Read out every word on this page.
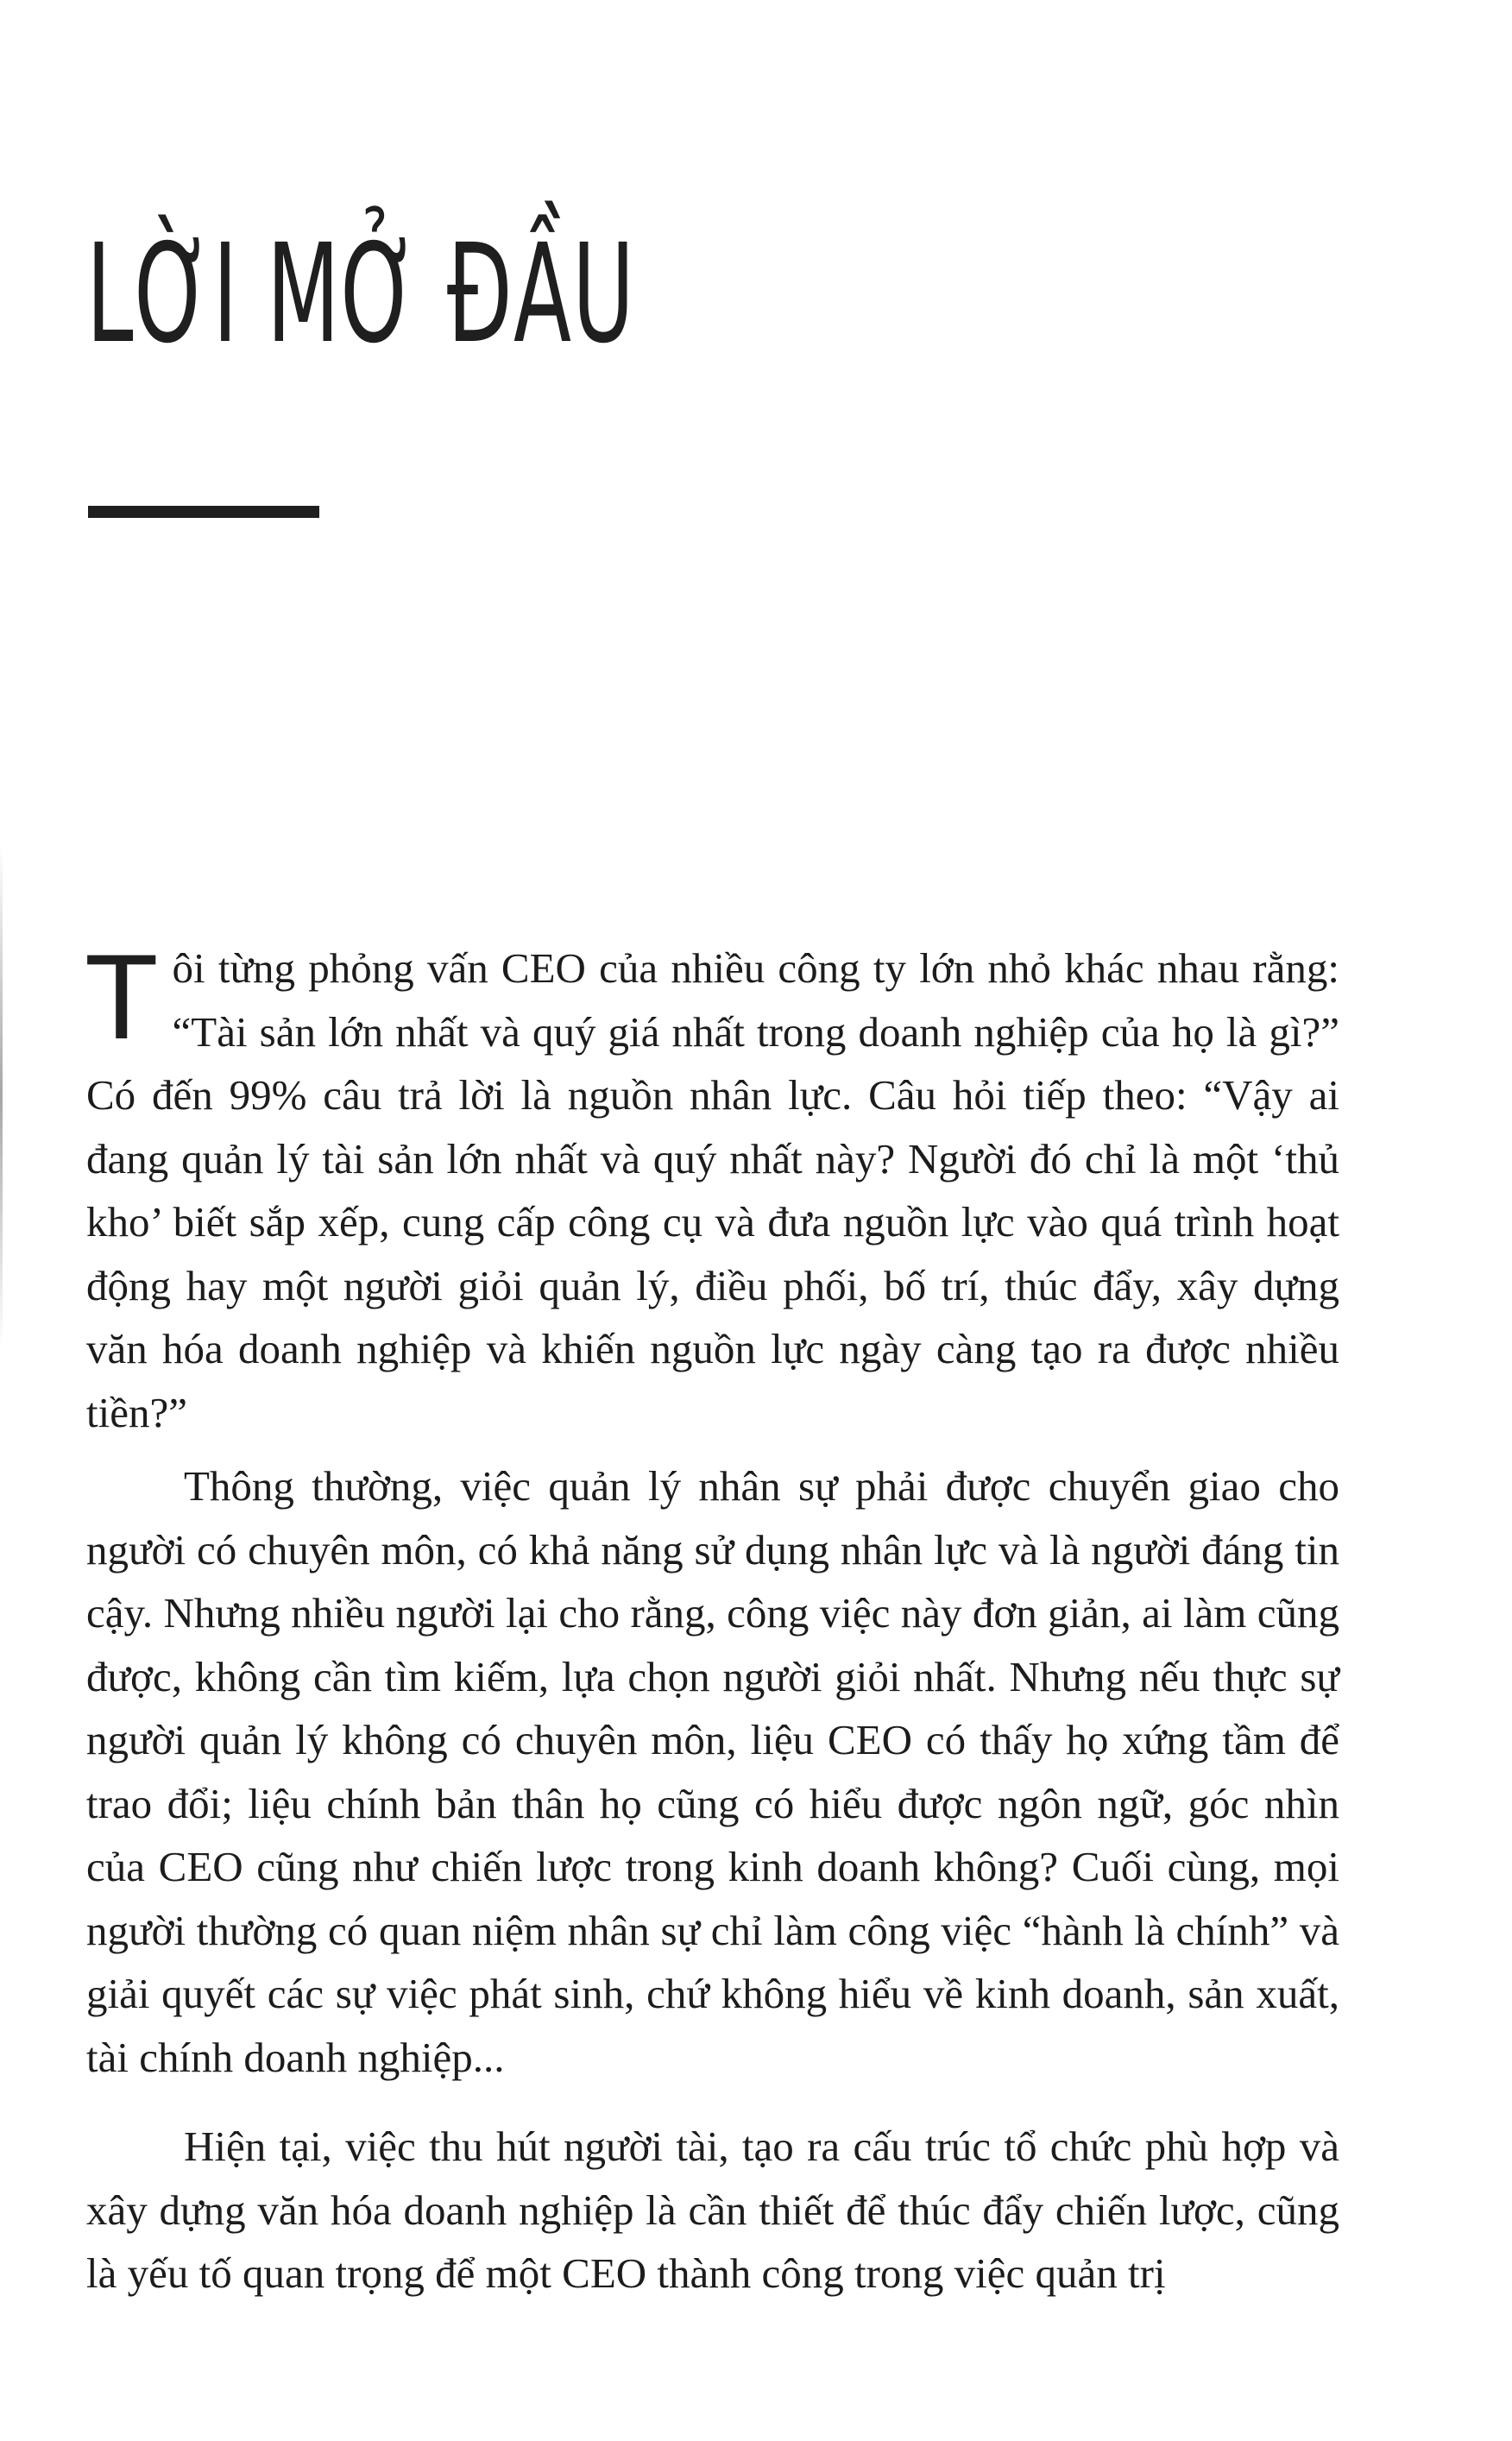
LỜI MỞ ĐẦU

Tôi từng phỏng vấn CEO của nhiều công ty lớn nhỏ khác nhau rằng: “Tài sản lớn nhất và quý giá nhất trong doanh nghiệp của họ là gì?” Có đến 99% câu trả lời là nguồn nhân lực. Câu hỏi tiếp theo: “Vậy ai đang quản lý tài sản lớn nhất và quý nhất này? Người đó chỉ là một ‘thủ kho’ biết sắp xếp, cung cấp công cụ và đưa nguồn lực vào quá trình hoạt động hay một người giỏi quản lý, điều phối, bố trí, thúc đẩy, xây dựng văn hóa doanh nghiệp và khiến nguồn lực ngày càng tạo ra được nhiều tiền?”

Thông thường, việc quản lý nhân sự phải được chuyển giao cho người có chuyên môn, có khả năng sử dụng nhân lực và là người đáng tin cậy. Nhưng nhiều người lại cho rằng, công việc này đơn giản, ai làm cũng được, không cần tìm kiếm, lựa chọn người giỏi nhất. Nhưng nếu thực sự người quản lý không có chuyên môn, liệu CEO có thấy họ xứng tầm để trao đổi; liệu chính bản thân họ cũng có hiểu được ngôn ngữ, góc nhìn của CEO cũng như chiến lược trong kinh doanh không? Cuối cùng, mọi người thường có quan niệm nhân sự chỉ làm công việc “hành là chính” và giải quyết các sự việc phát sinh, chứ không hiểu về kinh doanh, sản xuất, tài chính doanh nghiệp...

Hiện tại, việc thu hút người tài, tạo ra cấu trúc tổ chức phù hợp và xây dựng văn hóa doanh nghiệp là cần thiết để thúc đẩy chiến lược, cũng là yếu tố quan trọng để một CEO thành công trong việc quản trị
